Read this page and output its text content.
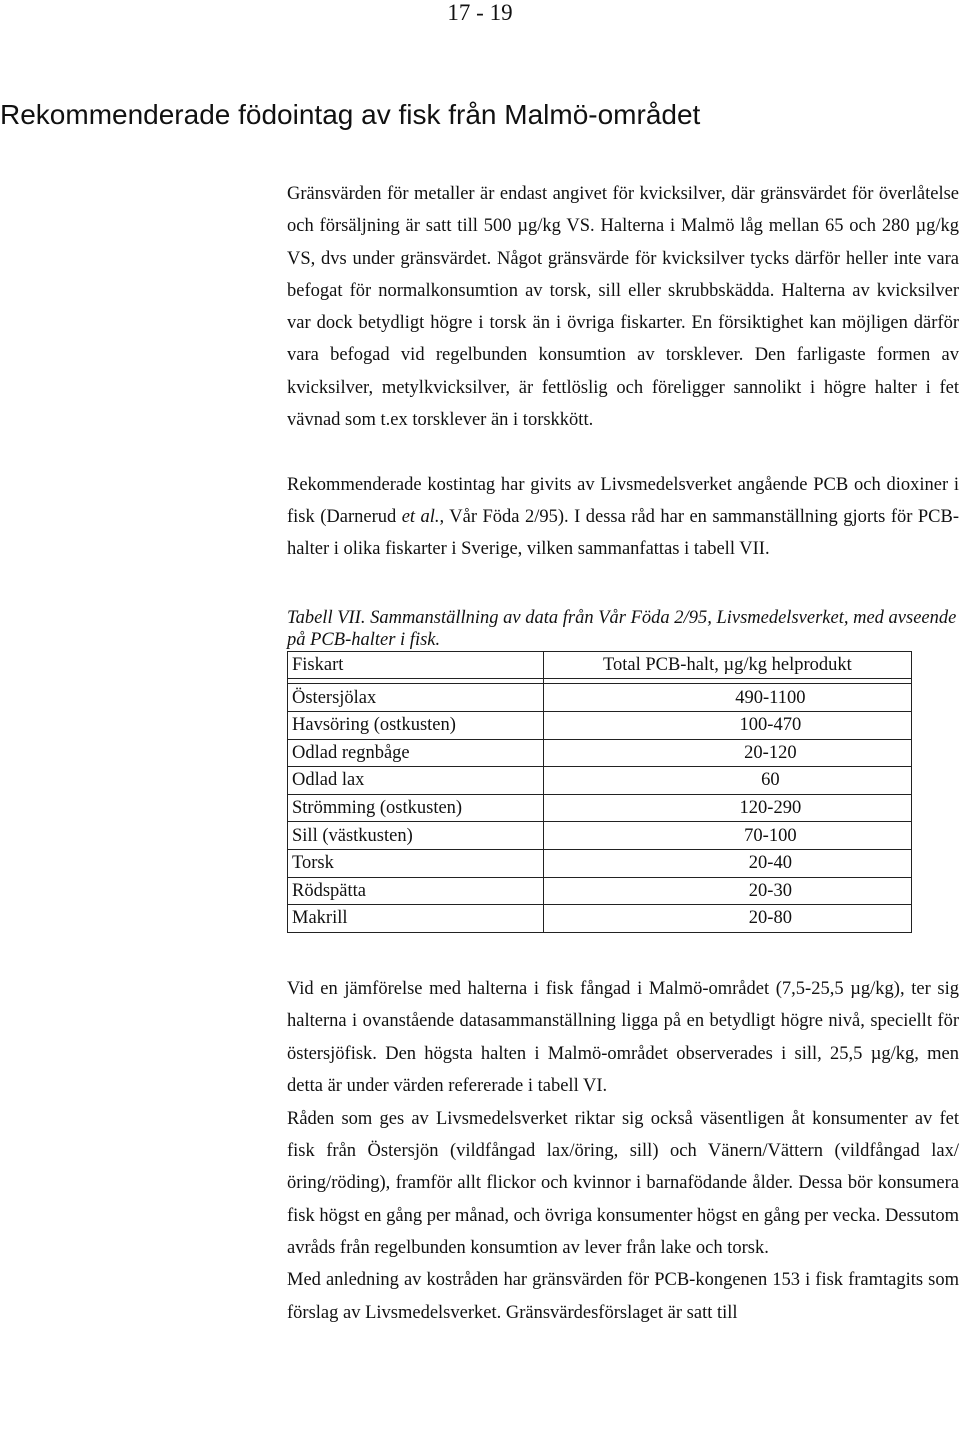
17 - 19
Rekommenderade födointag av fisk från Malmö-området

Gränsvärden för metaller är endast angivet för kvicksilver, där gränsvärdet för överlåtelse och försäljning är satt till 500 µg/kg VS. Halterna i Malmö låg mellan 65 och 280 µg/kg VS, dvs under gränsvärdet. Något gränsvärde för kvicksilver tycks därför heller inte vara befogat för normalkonsumtion av torsk, sill eller skrubbskädda. Halterna av kvicksilver var dock betydligt högre i torsk än i övriga fiskarter. En försiktighet kan möjligen därför vara befogad vid regelbunden konsumtion av torsklever. Den farligaste formen av kvicksilver, metylkvicksilver, är fettlöslig och föreligger sannolikt i högre halter i fet vävnad som t.ex torsklever än i torskkött.

Rekommenderade kostintag har givits av Livsmedelsverket angående PCB och dioxiner i fisk (Darnerud et al., Vår Föda 2/95). I dessa råd har en sammanställning gjorts för PCB-halter i olika fiskarter i Sverige, vilken sammanfattas i tabell VII.

Tabell VII. Sammanställning av data från Vår Föda 2/95, Livsmedelsverket, med avseende på PCB-halter i fisk.

Fiskart	Total PCB-halt, µg/kg helprodukt

Östersjölax	490-1100
Havsöring (ostkusten)	100-470
Odlad regnbåge	20-120
Odlad lax	60
Strömming (ostkusten)	120-290
Sill (västkusten)	70-100
Torsk	20-40
Rödspätta	20-30
Makrill	20-80

Vid en jämförelse med halterna i fisk fångad i Malmö-området (7,5-25,5 µg/kg), ter sig halterna i ovanstående datasammanställning ligga på en betydligt högre nivå, speciellt för östersjöfisk. Den högsta halten i Malmö-området observerades i sill, 25,5 µg/kg, men detta är under värden refererade i tabell VI.

Råden som ges av Livsmedelsverket riktar sig också väsentligen åt konsumenter av fet fisk från Östersjön (vildfångad lax/öring, sill) och Vänern/Vättern (vildfångad lax/öring/röding), framför allt flickor och kvinnor i barnafödande ålder. Dessa bör konsumera fisk högst en gång per månad, och övriga konsumenter högst en gång per vecka. Dessutom avråds från regelbunden konsumtion av lever från lake och torsk.

Med anledning av kostråden har gränsvärden för PCB-kongenen 153 i fisk framtagits som förslag av Livsmedelsverket. Gränsvärdesförslaget är satt till
